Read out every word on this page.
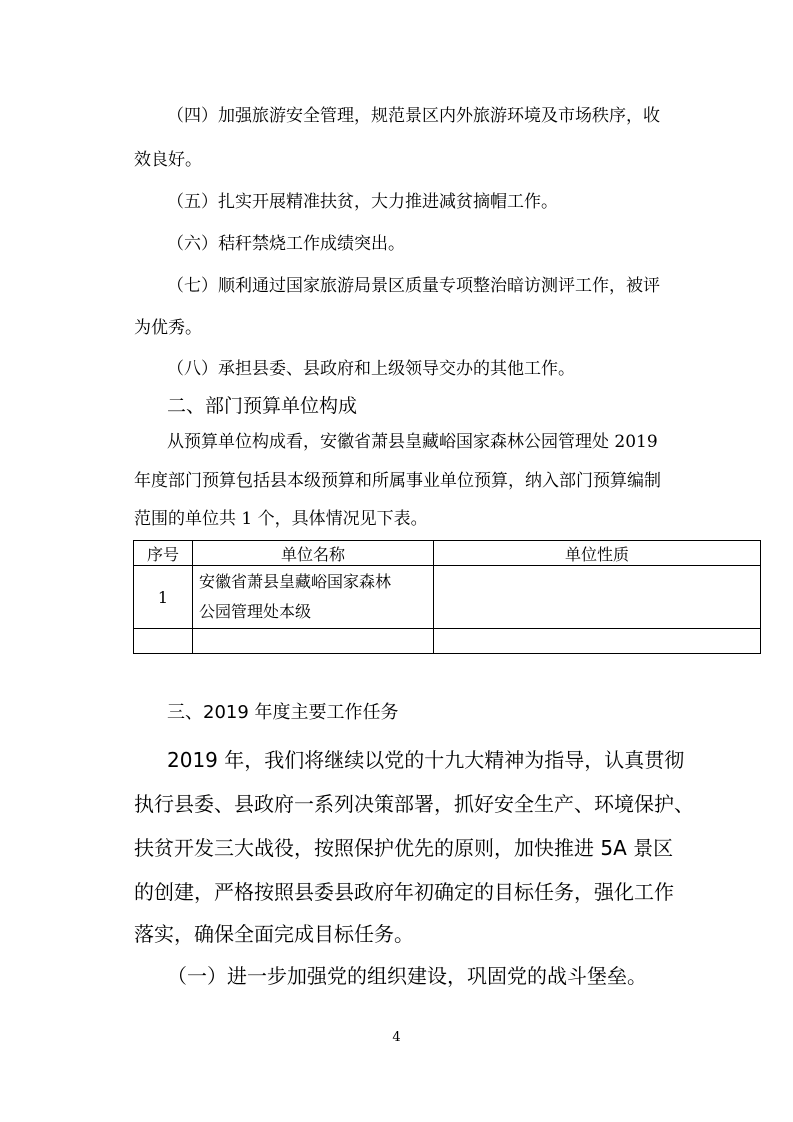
（四）加强旅游安全管理，规范景区内外旅游环境及市场秩序，收
效良好。
（五）扎实开展精准扶贫，大力推进减贫摘帽工作。
（六）秸秆禁烧工作成绩突出。
（七）顺利通过国家旅游局景区质量专项整治暗访测评工作，被评
为优秀。
（八）承担县委、县政府和上级领导交办的其他工作。
二、部门预算单位构成
从预算单位构成看，安徽省萧县皇藏峪国家森林公园管理处 2019
年度部门预算包括县本级预算和所属事业单位预算，纳入部门预算编制
范围的单位共 1 个，具体情况见下表。
序号	单位名称	单位性质
1	安徽省萧县皇藏峪国家森林
公园管理处本级	

三、2019 年度主要工作任务
2019 年，我们将继续以党的十九大精神为指导，认真贯彻
执行县委、县政府一系列决策部署，抓好安全生产、环境保护、
扶贫开发三大战役，按照保护优先的原则，加快推进 5A 景区
的创建，严格按照县委县政府年初确定的目标任务，强化工作
落实，确保全面完成目标任务。
（一）进一步加强党的组织建设，巩固党的战斗堡垒。
4
